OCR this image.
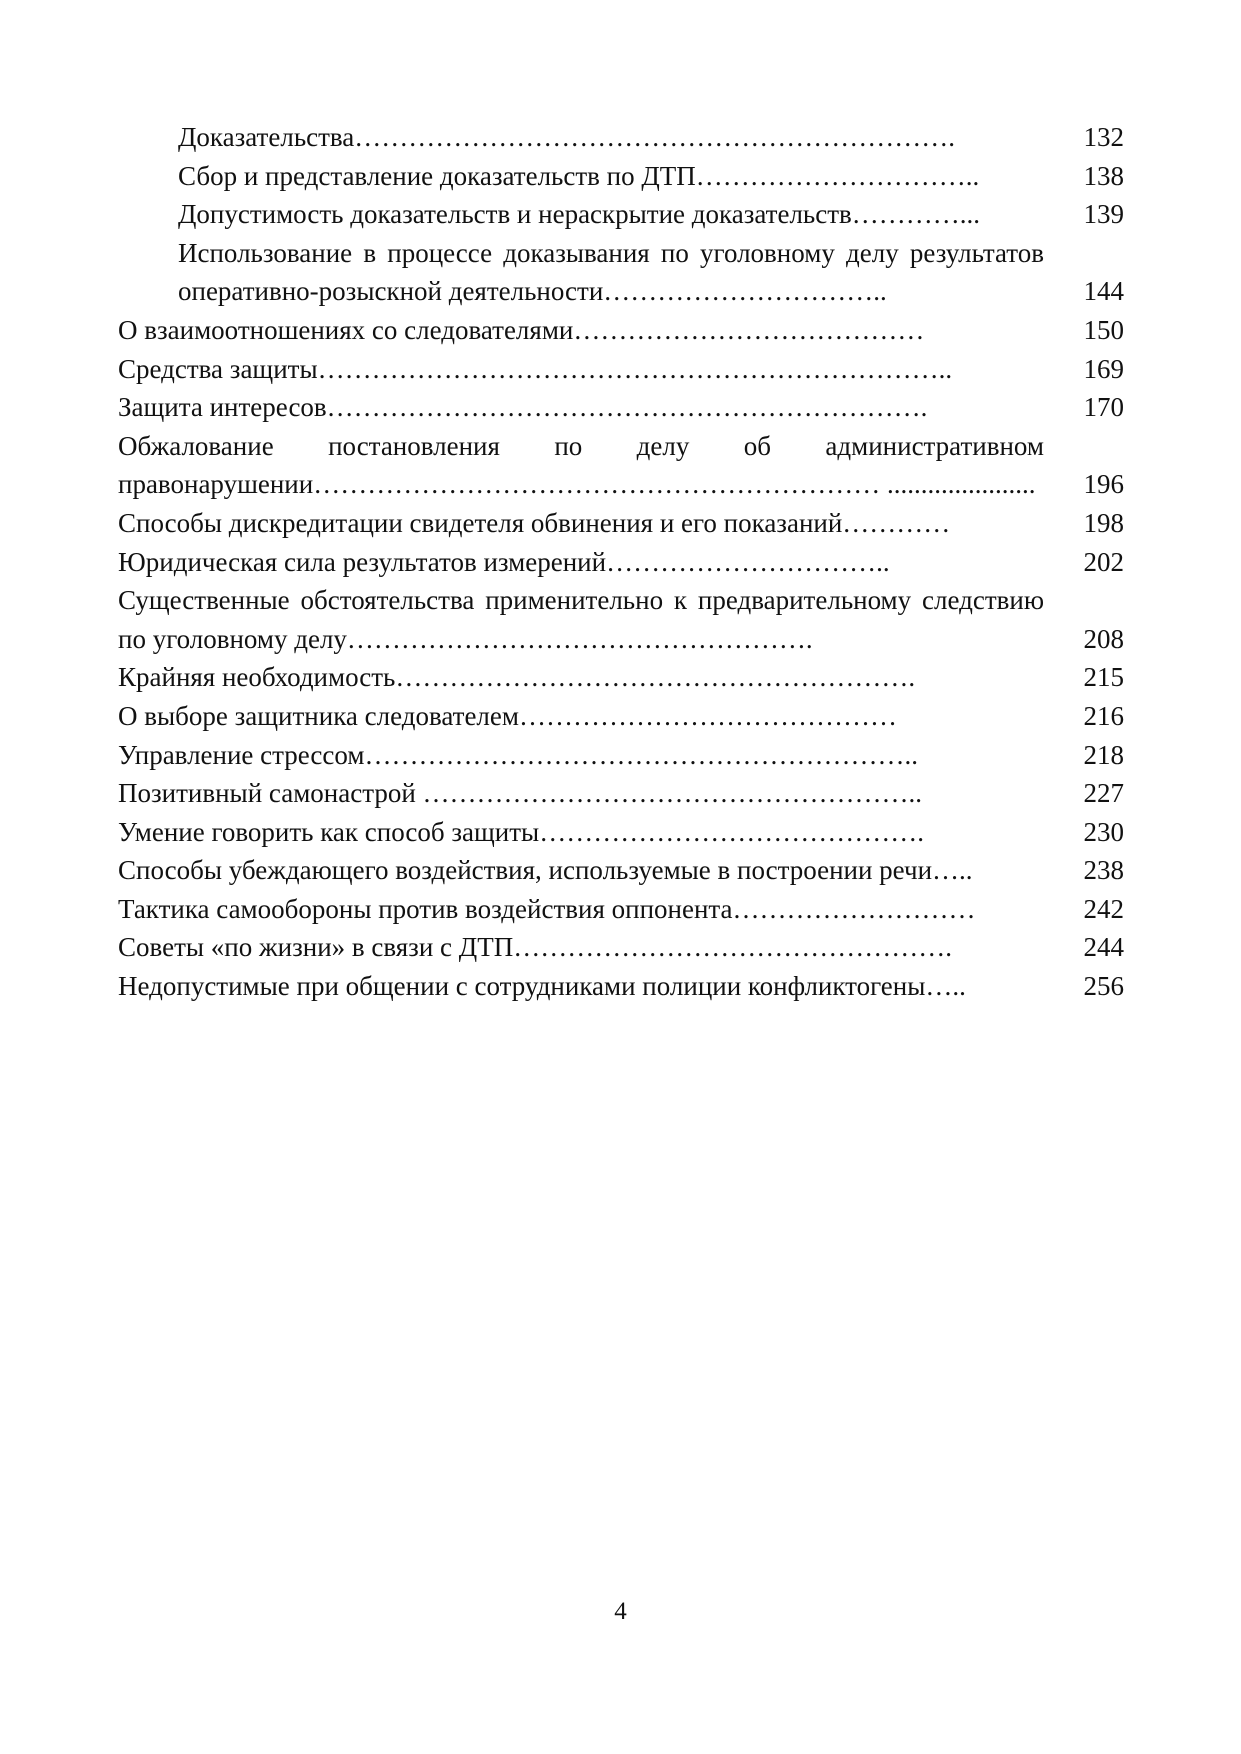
Доказательства………………………………………………………….	132
Сбор и представление доказательств по ДТП…………………………..	138
Допустимость доказательств и нераскрытие доказательств…………...	139
Использование в процессе доказывания по уголовному делу результатов оперативно-розыскной деятельности…………………………..	144
О взаимоотношениях со следователями…………………………………	150
Средства защиты……………………………………………………………..	169
Защита интересов………………………………………………………….	170
Обжалование постановления по делу об административном правонарушении……………………………………………………… ......................	196
Способы дискредитации свидетеля обвинения и его показаний…………	198
Юридическая сила результатов измерений…………………………..	202
Существенные обстоятельства применительно к предварительному следствию по уголовному делу…………………………………………….	208
Крайняя необходимость………………………………………………….	215
О выборе защитника следователем……………………………………	216
Управление стрессом……………………………………………………..	218
Позитивный самонастрой ………………………………………………..	227
Умение говорить как способ защиты…………………………………….	230
Способы убеждающего воздействия, используемые в построении речи…..	238
Тактика самообороны против воздействия оппонента………………………	242
Советы «по жизни» в связи с ДТП………………………………………….	244
Недопустимые при общении с сотрудниками полиции конфликтогены…..	256
4
